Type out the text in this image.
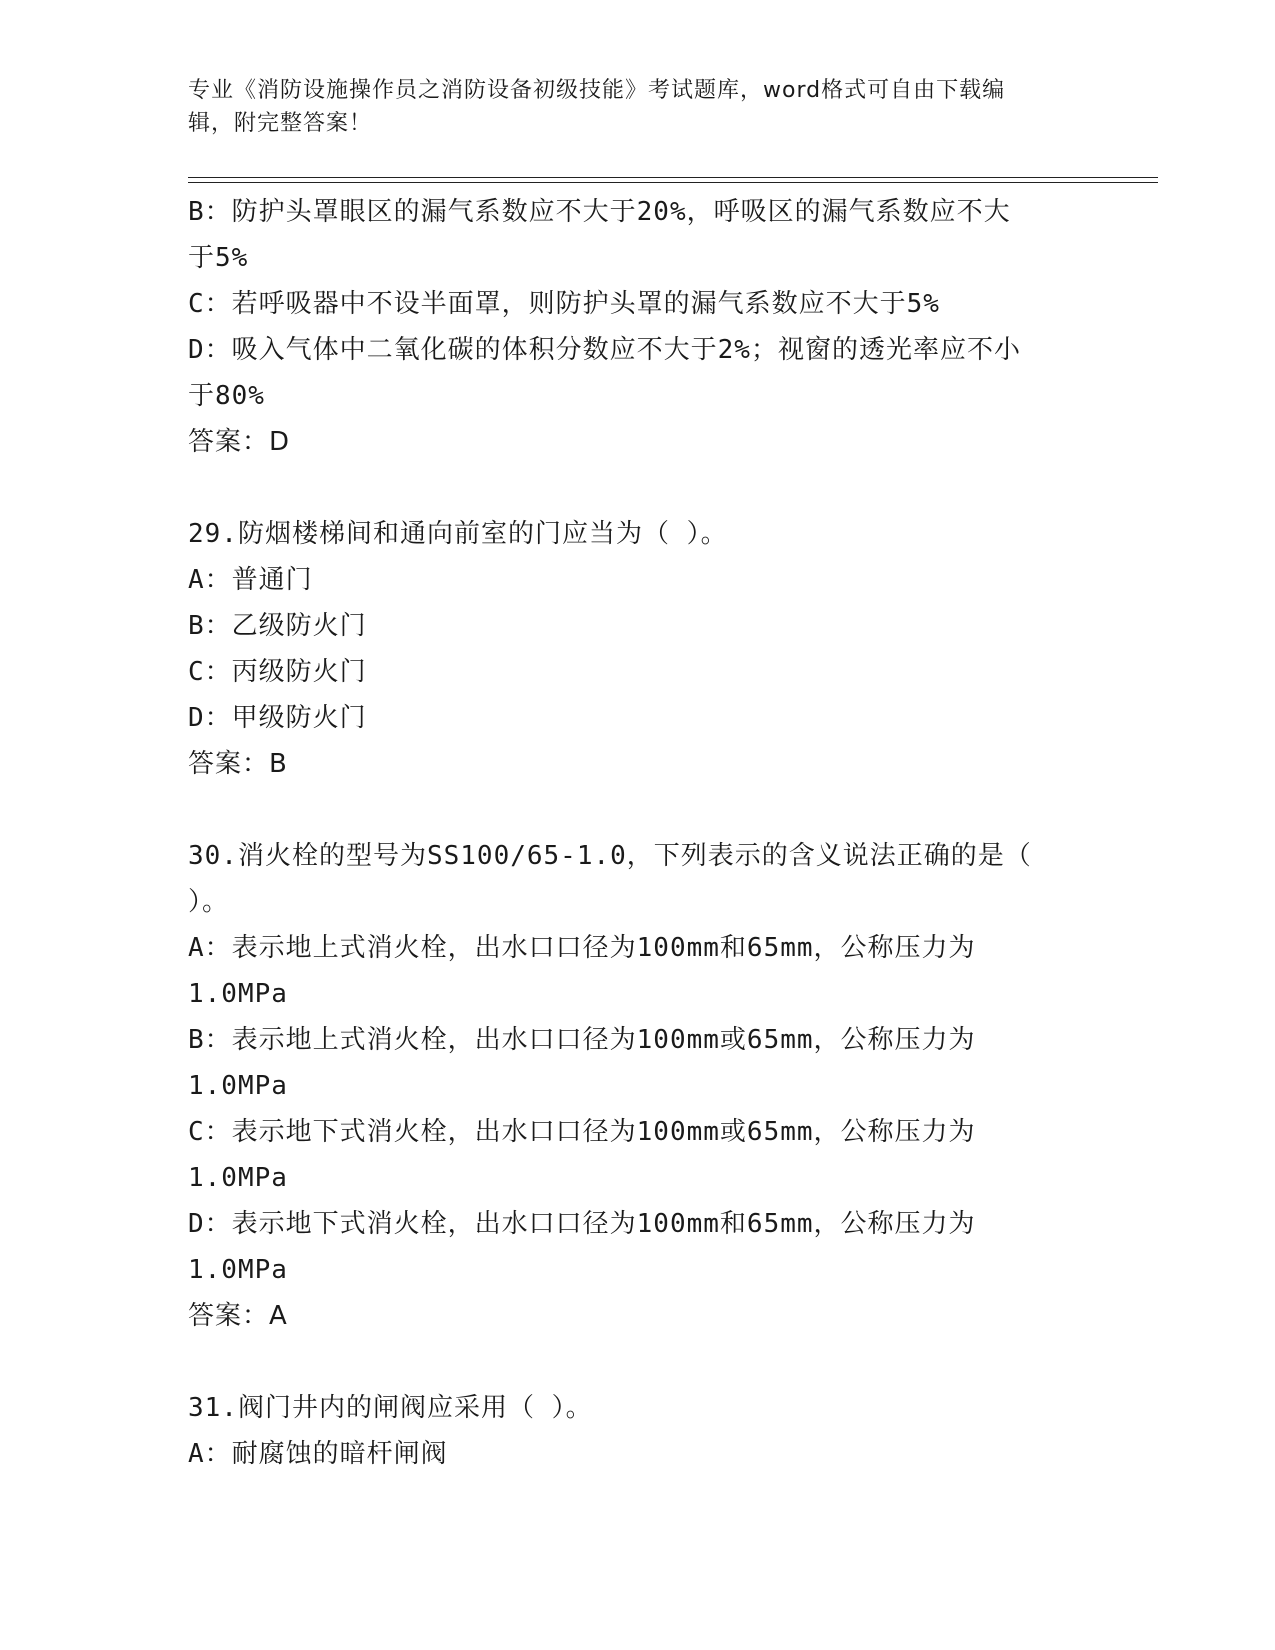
专业《消防设施操作员之消防设备初级技能》考试题库，word格式可自由下载编
辑，附完整答案！
B：防护头罩眼区的漏气系数应不大于20%，呼吸区的漏气系数应不大
于5%
C：若呼吸器中不设半面罩，则防护头罩的漏气系数应不大于5%
D：吸入气体中二氧化碳的体积分数应不大于2%；视窗的透光率应不小
于80%
答案：D
29.防烟楼梯间和通向前室的门应当为（ ）。
A：普通门
B：乙级防火门
C：丙级防火门
D：甲级防火门
答案：B
30.消火栓的型号为SS100/65-1.0，下列表示的含义说法正确的是（
）。
A：表示地上式消火栓，出水口口径为100mm和65mm，公称压力为
1.0MPa
B：表示地上式消火栓，出水口口径为100mm或65mm，公称压力为
1.0MPa
C：表示地下式消火栓，出水口口径为100mm或65mm，公称压力为
1.0MPa
D：表示地下式消火栓，出水口口径为100mm和65mm，公称压力为
1.0MPa
答案：A
31.阀门井内的闸阀应采用（ ）。
A：耐腐蚀的暗杆闸阀
